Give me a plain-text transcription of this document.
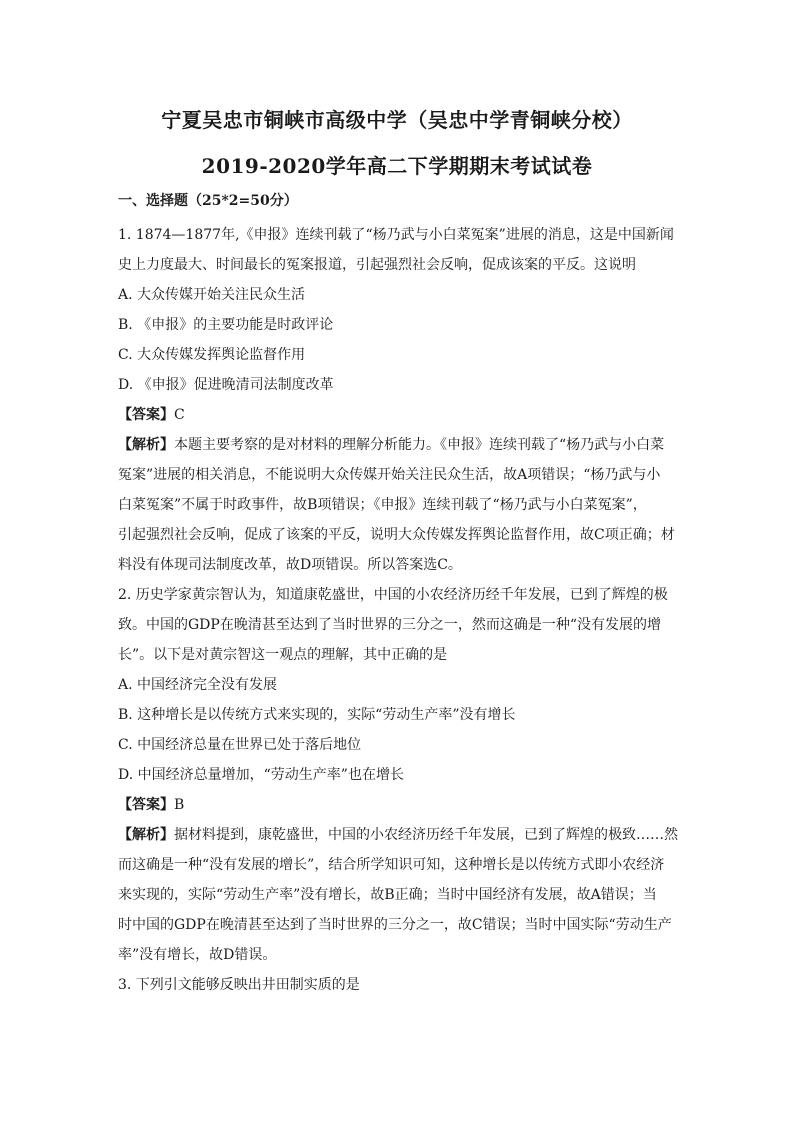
宁夏吴忠市铜峡市高级中学（吴忠中学青铜峡分校）
2019-2020学年高二下学期期末考试试卷
一、选择题（25*2=50分）

1. 1874—1877年,《申报》连续刊载了“杨乃武与小白菜冤案”进展的消息，这是中国新闻

史上力度最大、时间最长的冤案报道，引起强烈社会反响，促成该案的平反。这说明

A. 大众传媒开始关注民众生活

B. 《申报》的主要功能是时政评论

C. 大众传媒发挥舆论监督作用

D. 《申报》促进晚清司法制度改革

【答案】C

【解析】本题主要考察的是对材料的理解分析能力。《申报》连续刊载了“杨乃武与小白菜

冤案”进展的相关消息，不能说明大众传媒开始关注民众生活，故A项错误；“杨乃武与小

白菜冤案”不属于时政事件，故B项错误；《申报》连续刊载了“杨乃武与小白菜冤案”，

引起强烈社会反响，促成了该案的平反，说明大众传媒发挥舆论监督作用，故C项正确；材

料没有体现司法制度改革，故D项错误。所以答案选C。

2. 历史学家黄宗智认为，知道康乾盛世，中国的小农经济历经千年发展，已到了辉煌的极

致。中国的GDP在晚清甚至达到了当时世界的三分之一，然而这确是一种“没有发展的增

长”。以下是对黄宗智这一观点的理解，其中正确的是

A. 中国经济完全没有发展

B. 这种增长是以传统方式来实现的，实际“劳动生产率”没有增长

C. 中国经济总量在世界已处于落后地位

D. 中国经济总量增加，“劳动生产率”也在增长

【答案】B

【解析】据材料提到，康乾盛世，中国的小农经济历经千年发展，已到了辉煌的极致……然

而这确是一种“没有发展的增长”，结合所学知识可知，这种增长是以传统方式即小农经济

来实现的，实际“劳动生产率”没有增长，故B正确；当时中国经济有发展，故A错误；当

时中国的GDP在晚清甚至达到了当时世界的三分之一，故C错误；当时中国实际“劳动生产

率”没有增长，故D错误。

3. 下列引文能够反映出井田制实质的是
